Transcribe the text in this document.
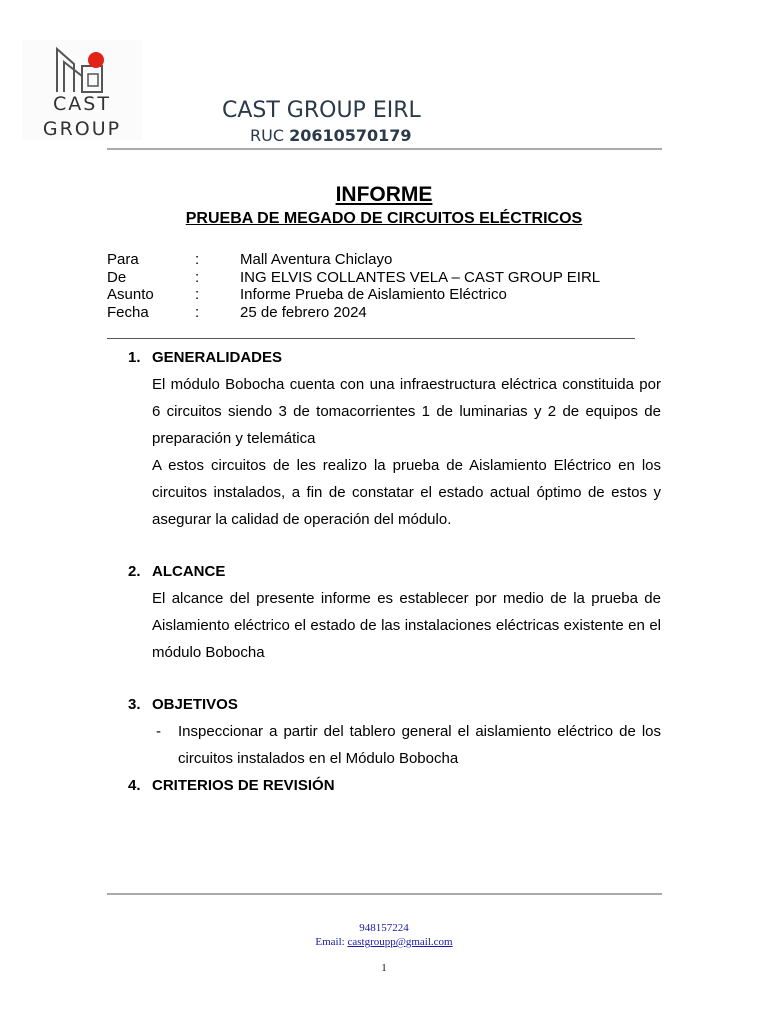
CAST
GROUP
CAST GROUP EIRL
RUC 20610570179
INFORME
PRUEBA DE MEGADO DE CIRCUITOS ELÉCTRICOS
Para	:	Mall Aventura Chiclayo
De	:	ING ELVIS COLLANTES VELA – CAST GROUP EIRL
Asunto	:	Informe Prueba de Aislamiento Eléctrico
Fecha	:	25 de febrero 2024
1. GENERALIDADES
El módulo Bobocha cuenta con una infraestructura eléctrica constituida por 6 circuitos siendo 3 de tomacorrientes 1 de luminarias y 2 de equipos de preparación y telemática
A estos circuitos de les realizo la prueba de Aislamiento Eléctrico en los circuitos instalados, a fin de constatar el estado actual óptimo de estos y asegurar la calidad de operación del módulo.
2. ALCANCE
El alcance del presente informe es establecer por medio de la prueba de Aislamiento eléctrico el estado de las instalaciones eléctricas existente en el módulo Bobocha
3. OBJETIVOS
-	Inspeccionar a partir del tablero general el aislamiento eléctrico de los circuitos instalados en el Módulo Bobocha
4. CRITERIOS DE REVISIÓN
948157224
Email: castgroupp@gmail.com
1
